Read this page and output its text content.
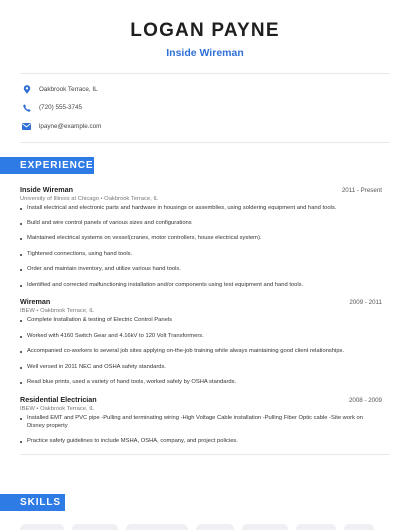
LOGAN PAYNE
Inside Wireman
Oakbrook Terrace, IL
(720) 555-3745
lpayne@example.com
EXPERIENCE
Inside Wireman	2011 - Present
University of Illinois at Chicago • Oakbrook Terrace, IL
Install electrical and electronic parts and hardware in housings or assemblies, using soldering equipment and hand tools.
Build and wire control panels of various sizes and configurations
Maintained electrical systems on vessel(cranes, motor controllers, house electrical system).
Tightened connections, using hand tools.
Order and maintain inventory, and utilize various hand tools.
Identified and corrected malfunctioning installation and/or components using test equipment and hand tools.
Wireman	2009 - 2011
IBEW • Oakbrook Terrace, IL
Complete Installation & testing of Electric Control Panels
Worked with 4160 Switch Gear and 4.16kV to 120 Volt Transformers.
Accompanied co-workers to several job sites applying on-the-job training while always maintaining good client relationships.
Well versed in 2011 NEC and OSHA safety standards.
Read blue prints, used a variety of hand tools, worked safely by OSHA standards.
Residential Electrician	2008 - 2009
IBEW • Oakbrook Terrace, IL
Installed EMT and PVC pipe -Pulling and terminating wiring -High Voltage Cable installation -Pulling Fiber Optic cable -Site work on Disney property
Practice safety guidelines to include MSHA, OSHA, company, and project policies.
SKILLS
